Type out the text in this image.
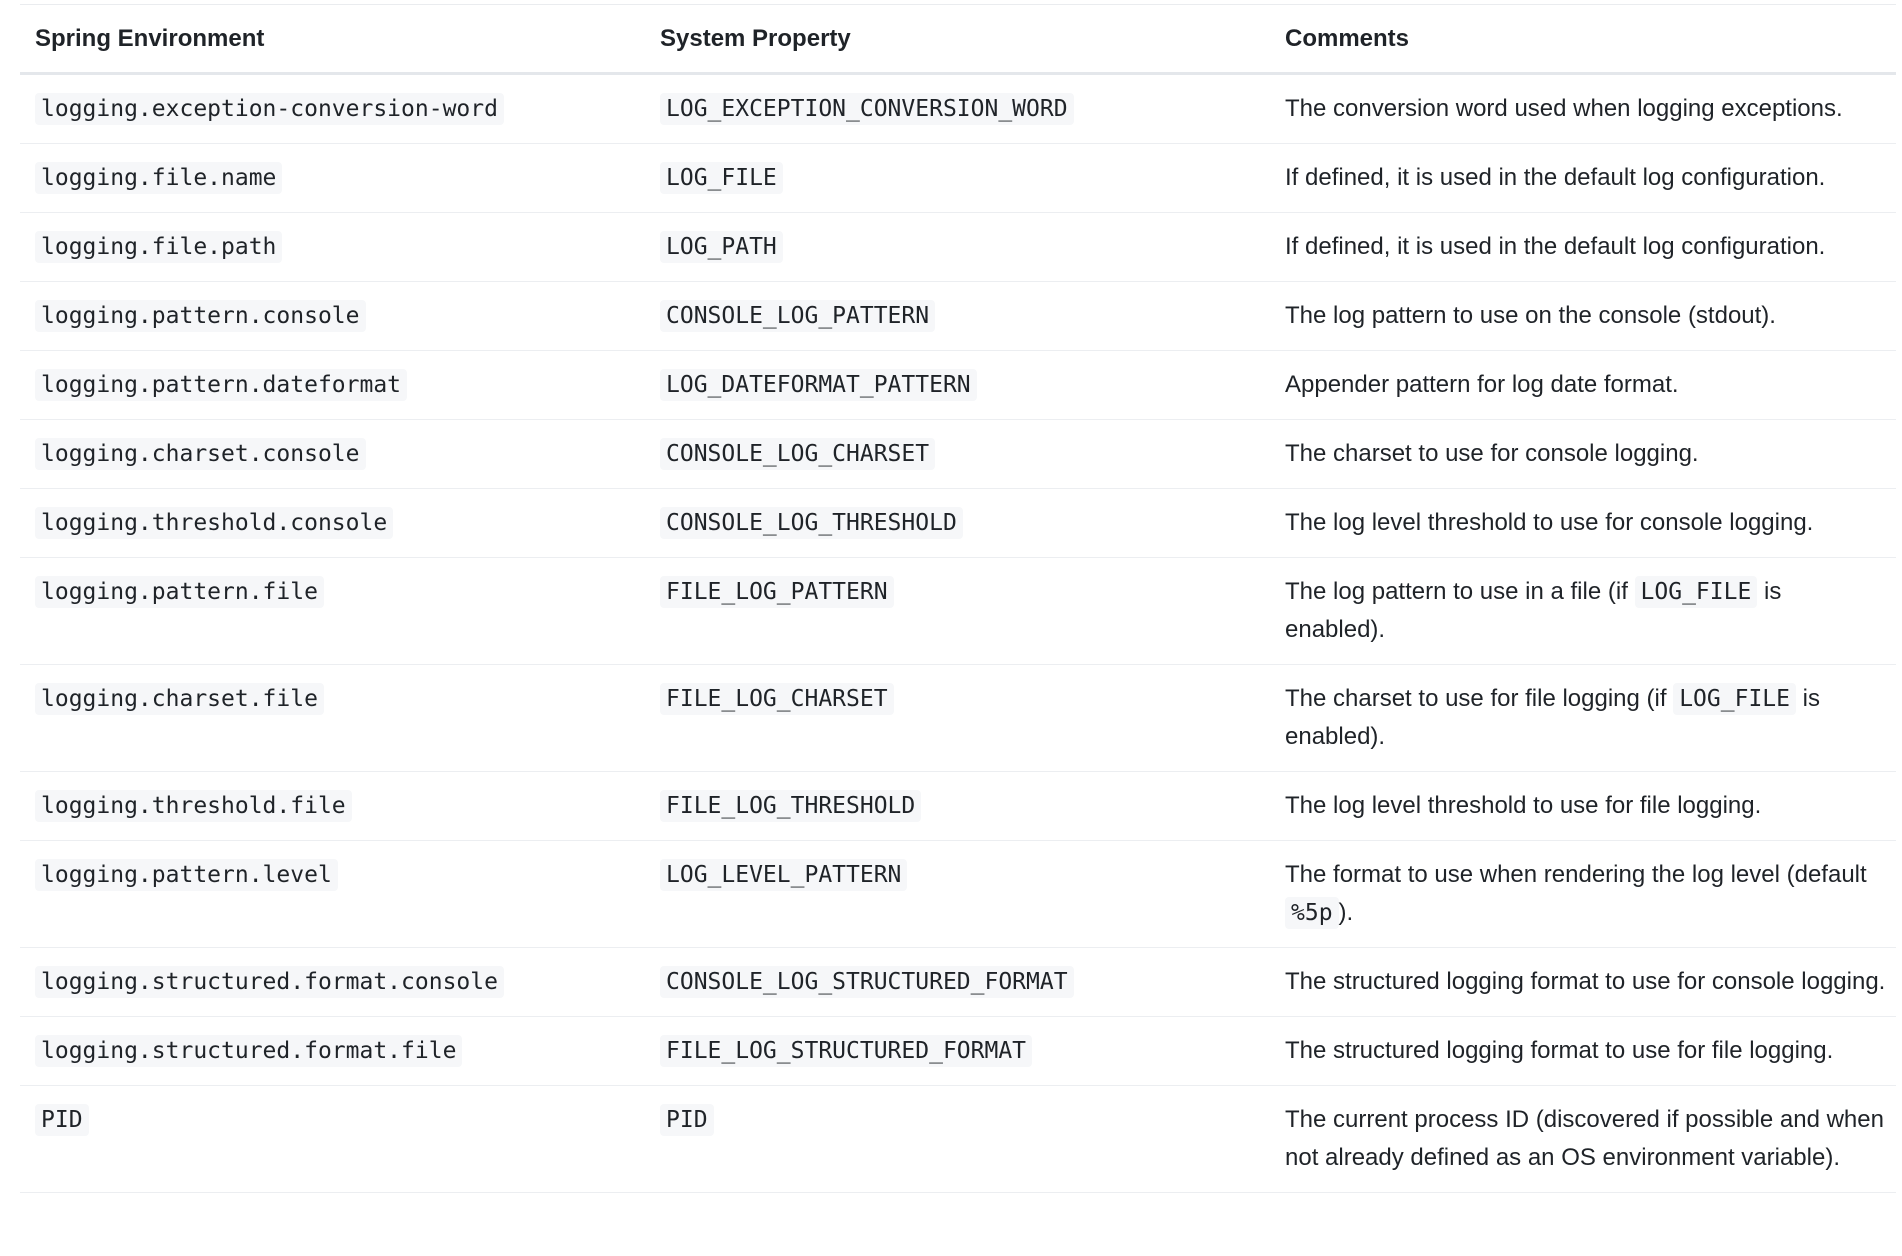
Spring Environment	System Property	Comments
logging.exception-conversion-word	LOG_EXCEPTION_CONVERSION_WORD	The conversion word used when logging exceptions.
logging.file.name	LOG_FILE	If defined, it is used in the default log configuration.
logging.file.path	LOG_PATH	If defined, it is used in the default log configuration.
logging.pattern.console	CONSOLE_LOG_PATTERN	The log pattern to use on the console (stdout).
logging.pattern.dateformat	LOG_DATEFORMAT_PATTERN	Appender pattern for log date format.
logging.charset.console	CONSOLE_LOG_CHARSET	The charset to use for console logging.
logging.threshold.console	CONSOLE_LOG_THRESHOLD	The log level threshold to use for console logging.
logging.pattern.file	FILE_LOG_PATTERN	The log pattern to use in a file (if LOG_FILE is enabled).
logging.charset.file	FILE_LOG_CHARSET	The charset to use for file logging (if LOG_FILE is enabled).
logging.threshold.file	FILE_LOG_THRESHOLD	The log level threshold to use for file logging.
logging.pattern.level	LOG_LEVEL_PATTERN	The format to use when rendering the log level (default %5p ).
logging.structured.format.console	CONSOLE_LOG_STRUCTURED_FORMAT	The structured logging format to use for console logging.
logging.structured.format.file	FILE_LOG_STRUCTURED_FORMAT	The structured logging format to use for file logging.
PID	PID	The current process ID (discovered if possible and when not already defined as an OS environment variable).
